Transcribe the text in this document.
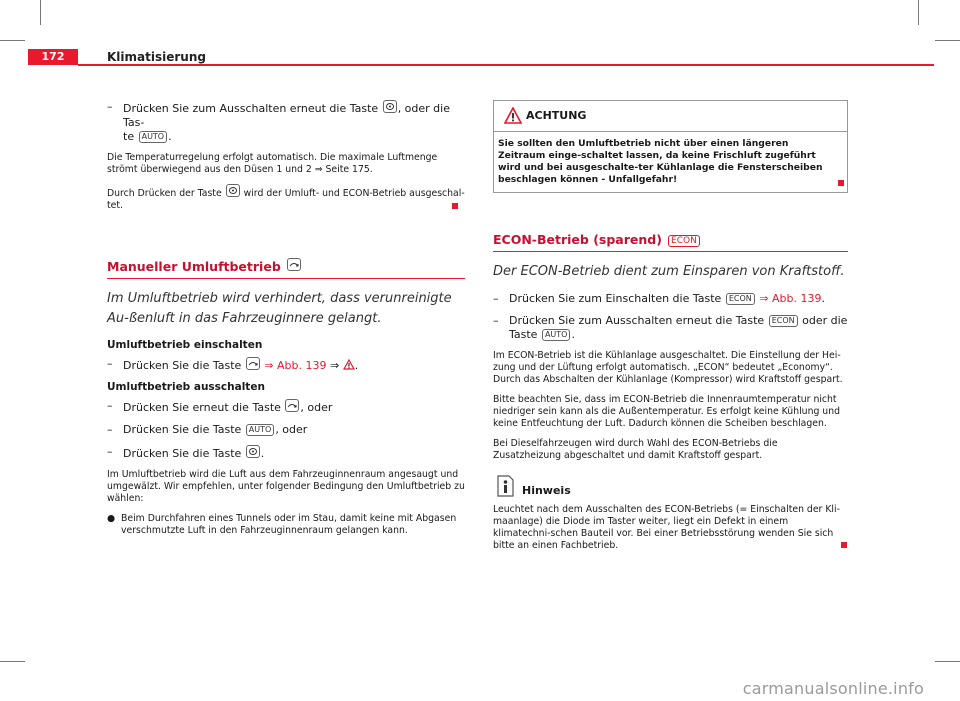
172	Klimatisierung
– Drücken Sie zum Ausschalten erneut die Taste , oder die Tas-
te AUTO .

Die Temperaturregelung erfolgt automatisch. Die maximale Luftmenge strömt überwiegend aus den Düsen 1 und 2 ⇒ Seite 175.

Durch Drücken der Taste wird der Umluft- und ECON-Betrieb ausgeschal-tet.

Manueller Umluftbetrieb

Im Umluftbetrieb wird verhindert, dass verunreinigte Au-ßenluft in das Fahrzeuginnere gelangt.

Umluftbetrieb einschalten

– Drücken Sie die Taste ⇒ Abb. 139 ⇒ .

Umluftbetrieb ausschalten

– Drücken Sie erneut die Taste , oder
– Drücken Sie die Taste AUTO , oder
– Drücken Sie die Taste .

Im Umluftbetrieb wird die Luft aus dem Fahrzeuginnenraum angesaugt und umgewälzt. Wir empfehlen, unter folgender Bedingung den Umluftbetrieb zu wählen:

● Beim Durchfahren eines Tunnels oder im Stau, damit keine mit Abgasen verschmutzte Luft in den Fahrzeuginnenraum gelangen kann.

ACHTUNG
Sie sollten den Umluftbetrieb nicht über einen längeren Zeitraum einge-schaltet lassen, da keine Frischluft zugeführt wird und bei ausgeschalte-ter Kühlanlage die Fensterscheiben beschlagen können - Unfallgefahr!
ECON-Betrieb (sparend) ECON

Der ECON-Betrieb dient zum Einsparen von Kraftstoff.

– Drücken Sie zum Einschalten die Taste ECON ⇒ Abb. 139.
– Drücken Sie zum Ausschalten erneut die Taste ECON oder die
Taste AUTO .

Im ECON-Betrieb ist die Kühlanlage ausgeschaltet. Die Einstellung der Hei-zung und der Lüftung erfolgt automatisch. „ECON“ bedeutet „Economy“. Durch das Abschalten der Kühlanlage (Kompressor) wird Kraftstoff gespart.

Bitte beachten Sie, dass im ECON-Betrieb die Innenraumtemperatur nicht niedriger sein kann als die Außentemperatur. Es erfolgt keine Kühlung und keine Entfeuchtung der Luft. Dadurch können die Scheiben beschlagen.

Bei Dieselfahrzeugen wird durch Wahl des ECON-Betriebs die Zusatzheizung abgeschaltet und damit Kraftstoff gespart.

Hinweis

Leuchtet nach dem Ausschalten des ECON-Betriebs (= Einschalten der Kli-maanlage) die Diode im Taster weiter, liegt ein Defekt in einem klimatechni-schen Bauteil vor. Bei einer Betriebsstörung wenden Sie sich bitte an einen Fachbetrieb.

carmanualsonline.info
